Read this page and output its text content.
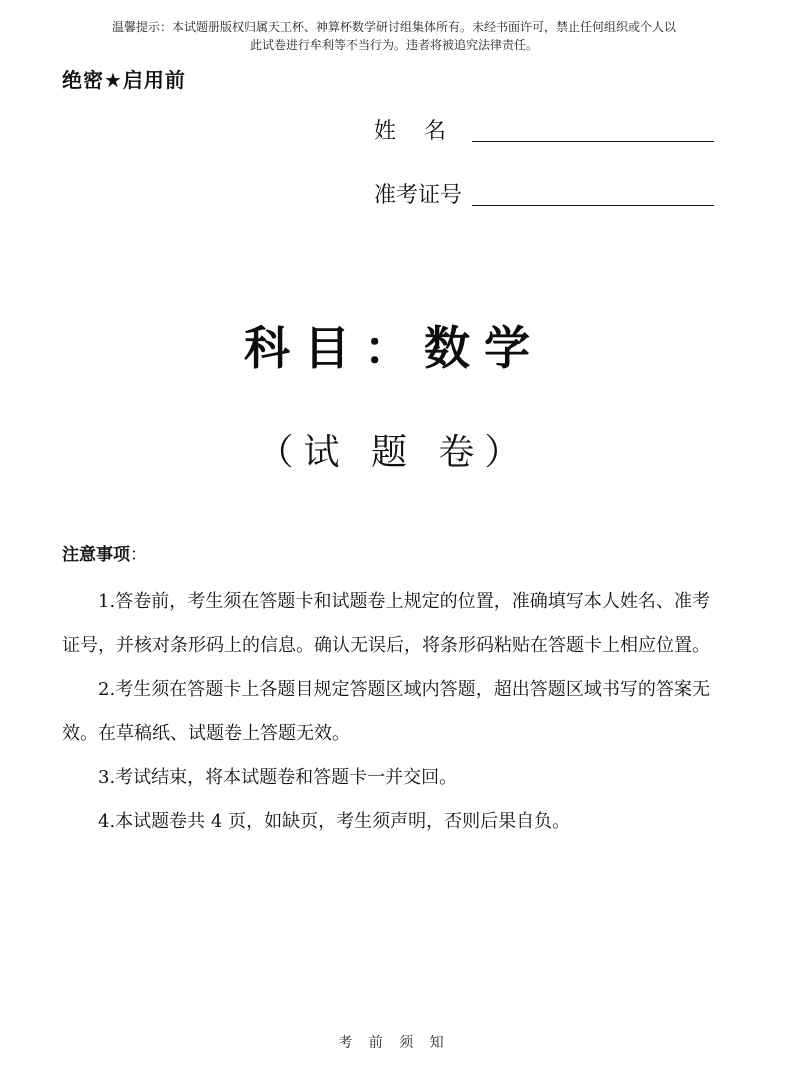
温馨提示：本试题册版权归属天工杯、神算杯数学研讨组集体所有。未经书面许可，禁止任何组织或个人以
此试卷进行牟利等不当行为。违者将被追究法律责任。
绝密★启用前
姓    名
准考证号
科目：数学
（试 题 卷）
注意事项：

1.答卷前，考生须在答题卡和试题卷上规定的位置，准确填写本人姓名、准考证号，并核对条形码上的信息。确认无误后，将条形码粘贴在答题卡上相应位置。

2.考生须在答题卡上各题目规定答题区域内答题，超出答题区域书写的答案无效。在草稿纸、试题卷上答题无效。

3.考试结束，将本试题卷和答题卡一并交回。

4.本试题卷共 4 页，如缺页，考生须声明，否则后果自负。

考 前 须 知
